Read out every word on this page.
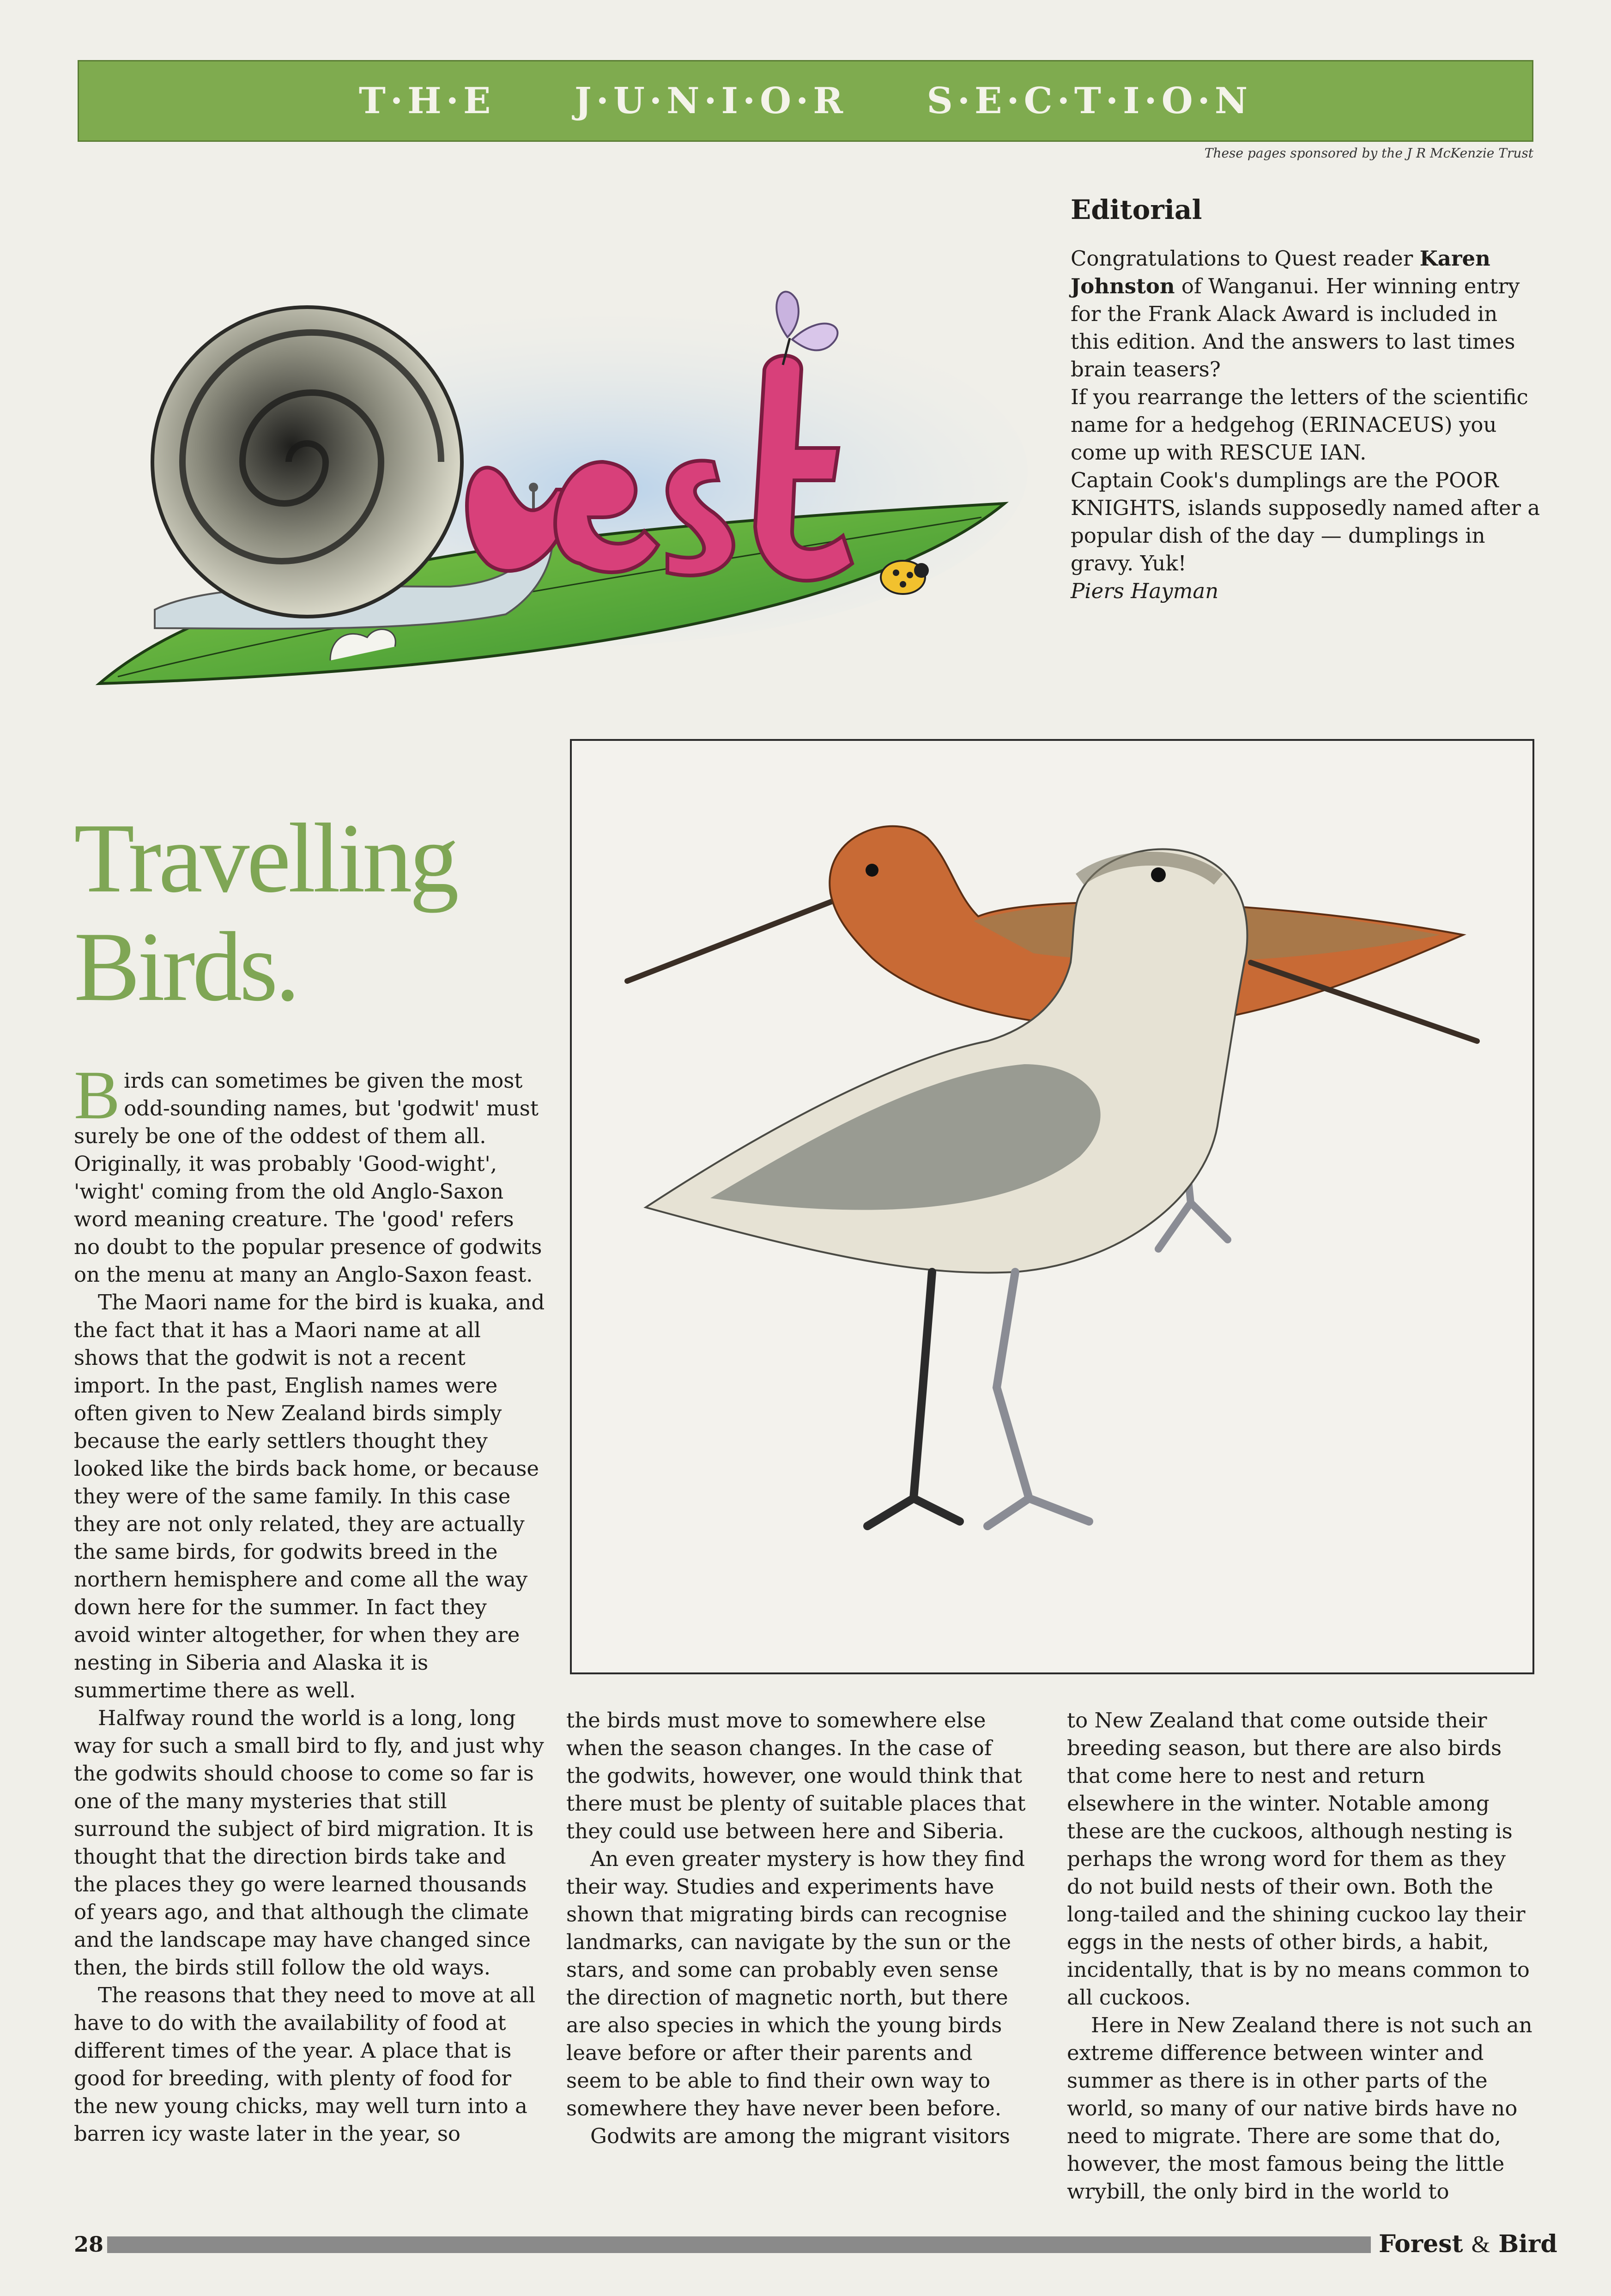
T·H·E   J·U·N·I·O·R   S·E·C·T·I·O·N
These pages sponsored by the J R McKenzie Trust
Editorial

Congratulations to Quest reader Karen Johnston of Wanganui. Her winning entry for the Frank Alack Award is included in this edition. And the answers to last times brain teasers?

If you rearrange the letters of the scientific name for a hedgehog (ERINACEUS) you come up with RESCUE IAN.

Captain Cook's dumplings are the POOR KNIGHTS, islands supposedly named after a popular dish of the day — dumplings in gravy. Yuk!

Piers Hayman

Travelling
Birds.

Birds can sometimes be given the most odd-sounding names, but 'godwit' must surely be one of the oddest of them all. Originally, it was probably 'Good-wight', 'wight' coming from the old Anglo-Saxon word meaning creature. The 'good' refers no doubt to the popular presence of godwits on the menu at many an Anglo-Saxon feast.

The Maori name for the bird is kuaka, and the fact that it has a Maori name at all shows that the godwit is not a recent import. In the past, English names were often given to New Zealand birds simply because the early settlers thought they looked like the birds back home, or because they were of the same family. In this case they are not only related, they are actually the same birds, for godwits breed in the northern hemisphere and come all the way down here for the summer. In fact they avoid winter altogether, for when they are nesting in Siberia and Alaska it is summertime there as well.

Halfway round the world is a long, long way for such a small bird to fly, and just why the godwits should choose to come so far is one of the many mysteries that still surround the subject of bird migration. It is thought that the direction birds take and the places they go were learned thousands of years ago, and that although the climate and the landscape may have changed since then, the birds still follow the old ways.

The reasons that they need to move at all have to do with the availability of food at different times of the year. A place that is good for breeding, with plenty of food for the new young chicks, may well turn into a barren icy waste later in the year, so

the birds must move to somewhere else when the season changes. In the case of the godwits, however, one would think that there must be plenty of suitable places that they could use between here and Siberia.

An even greater mystery is how they find their way. Studies and experiments have shown that migrating birds can recognise landmarks, can navigate by the sun or the stars, and some can probably even sense the direction of magnetic north, but there are also species in which the young birds leave before or after their parents and seem to be able to find their own way to somewhere they have never been before.

Godwits are among the migrant visitors

to New Zealand that come outside their breeding season, but there are also birds that come here to nest and return elsewhere in the winter. Notable among these are the cuckoos, although nesting is perhaps the wrong word for them as they do not build nests of their own. Both the long-tailed and the shining cuckoo lay their eggs in the nests of other birds, a habit, incidentally, that is by no means common to all cuckoos.

Here in New Zealand there is not such an extreme difference between winter and summer as there is in other parts of the world, so many of our native birds have no need to migrate. There are some that do, however, the most famous being the little wrybill, the only bird in the world to

28	Forest & Bird
